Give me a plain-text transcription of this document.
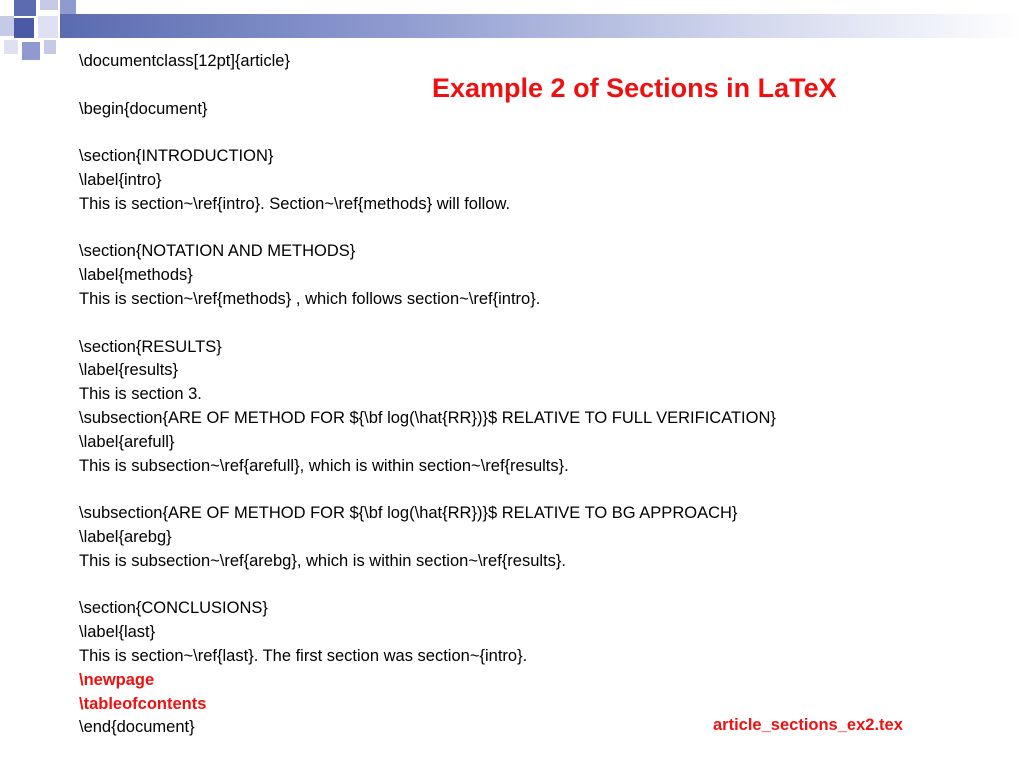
Example 2 of Sections in LaTeX
\documentclass[12pt]{article}
\begin{document}
\section{INTRODUCTION}
\label{intro}
This is section~\ref{intro}. Section~\ref{methods} will follow.
\section{NOTATION AND METHODS}
\label{methods}
This is section~\ref{methods} , which follows section~\ref{intro}.
\section{RESULTS}
\label{results}
This is section 3.
\subsection{ARE OF METHOD FOR ${\bf log(\hat{RR})}$ RELATIVE TO FULL VERIFICATION}
\label{arefull}
This is subsection~\ref{arefull}, which is within section~\ref{results}.
\subsection{ARE OF METHOD FOR ${\bf log(\hat{RR})}$ RELATIVE TO BG APPROACH}
\label{arebg}
This is subsection~\ref{arebg}, which is within section~\ref{results}.
\section{CONCLUSIONS}
\label{last}
This is section~\ref{last}. The first section was section~{intro}.
\newpage
\tableofcontents
\end{document}	article_sections_ex2.tex
